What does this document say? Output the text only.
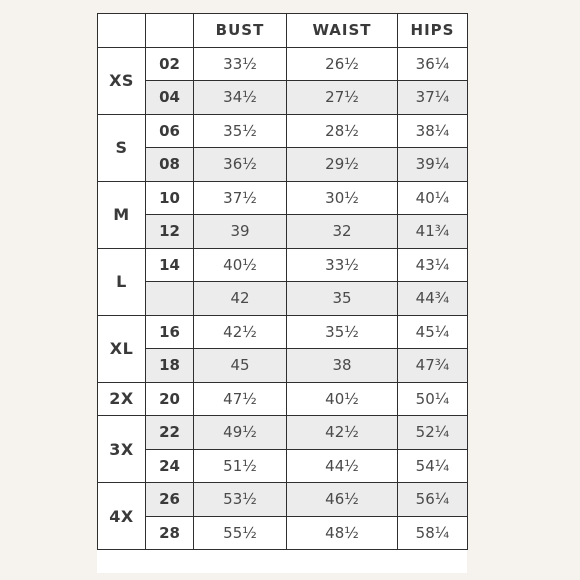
		BUST	WAIST	HIPS
XS	02	33½	26½	36¼
	04	34½	27½	37¼
S	06	35½	28½	38¼
	08	36½	29½	39¼
M	10	37½	30½	40¼
	12	39	32	41¾
L	14	40½	33½	43¼
		42	35	44¾
XL	16	42½	35½	45¼
	18	45	38	47¾
2X	20	47½	40½	50¼
3X	22	49½	42½	52¼
	24	51½	44½	54¼
4X	26	53½	46½	56¼
	28	55½	48½	58¼
